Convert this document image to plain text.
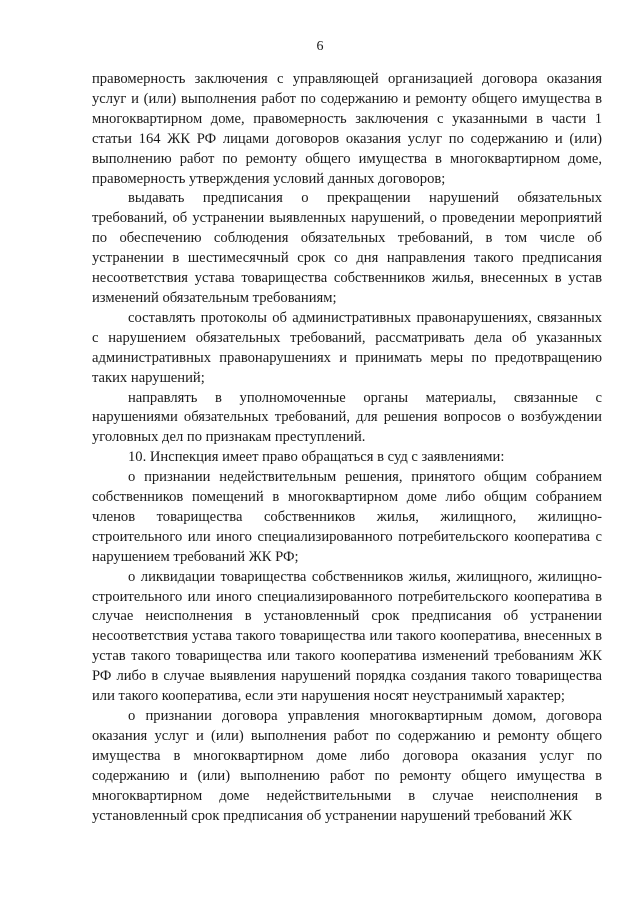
6

правомерность заключения с управляющей организацией договора оказания услуг и (или) выполнения работ по содержанию и ремонту общего имущества в многоквартирном доме, правомерность заключения с указанными в части 1 статьи 164 ЖК РФ лицами договоров оказания услуг по содержанию и (или) выполнению работ по ремонту общего имущества в многоквартирном доме, правомерность утверждения условий данных договоров;

выдавать предписания о прекращении нарушений обязательных требований, об устранении выявленных нарушений, о проведении мероприятий по обеспечению соблюдения обязательных требований, в том числе об устранении в шестимесячный срок со дня направления такого предписания несоответствия устава товарищества собственников жилья, внесенных в устав изменений обязательным требованиям;

составлять протоколы об административных правонарушениях, связанных с нарушением обязательных требований, рассматривать дела об указанных административных правонарушениях и принимать меры по предотвращению таких нарушений;

направлять в уполномоченные органы материалы, связанные с нарушениями обязательных требований, для решения вопросов о возбуждении уголовных дел по признакам преступлений.

10. Инспекция имеет право обращаться в суд с заявлениями:

о признании недействительным решения, принятого общим собранием собственников помещений в многоквартирном доме либо общим собранием членов товарищества собственников жилья, жилищного, жилищно-строительного или иного специализированного потребительского кооператива с нарушением требований ЖК РФ;

о ликвидации товарищества собственников жилья, жилищного, жилищно-строительного или иного специализированного потребительского кооператива в случае неисполнения в установленный срок предписания об устранении несоответствия устава такого товарищества или такого кооператива, внесенных в устав такого товарищества или такого кооператива изменений требованиям ЖК РФ либо в случае выявления нарушений порядка создания такого товарищества или такого кооператива, если эти нарушения носят неустранимый характер;

о признании договора управления многоквартирным домом, договора оказания услуг и (или) выполнения работ по содержанию и ремонту общего имущества в многоквартирном доме либо договора оказания услуг по содержанию и (или) выполнению работ по ремонту общего имущества в многоквартирном доме недействительными в случае неисполнения в установленный срок предписания об устранении нарушений требований ЖК
